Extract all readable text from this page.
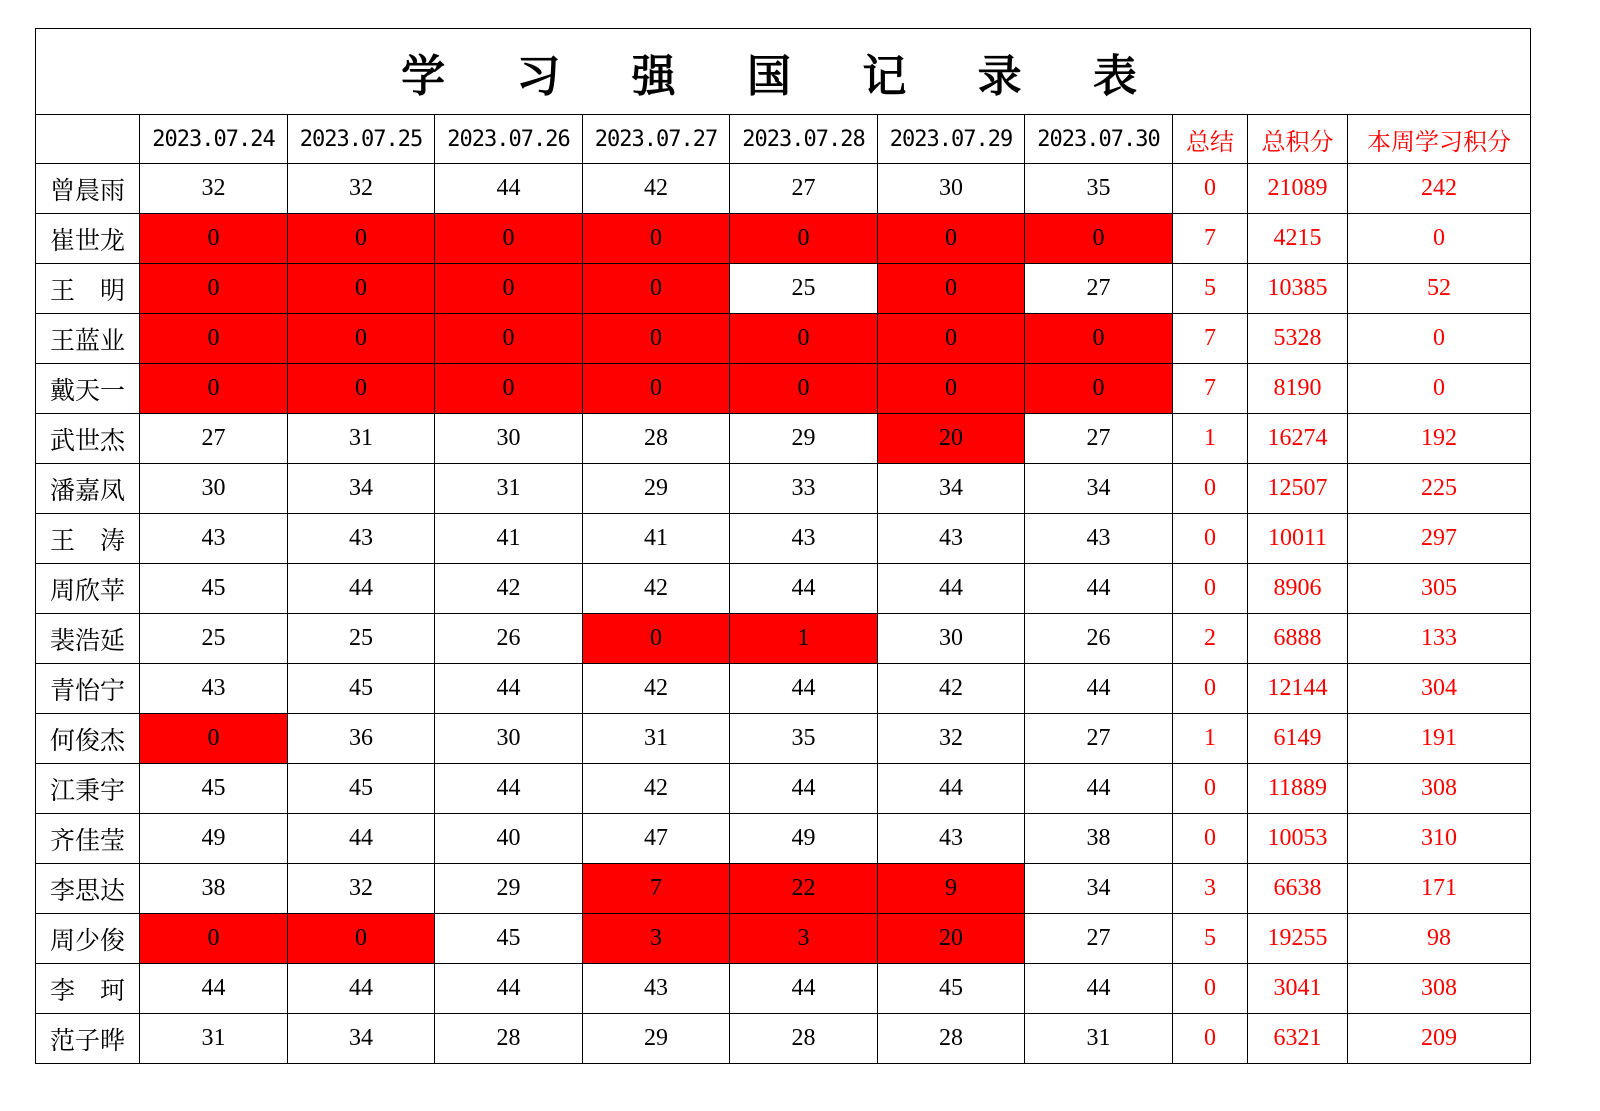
学 习 强 国 记 录 表										
	2023.07.24	2023.07.25	2023.07.26	2023.07.27	2023.07.28	2023.07.29	2023.07.30	总结	总积分	本周学习积分
曾晨雨	32	32	44	42	27	30	35	0	21089	242
崔世龙	0	0	0	0	0	0	0	7	4215	0
王　明	0	0	0	0	25	0	27	5	10385	52
王蓝业	0	0	0	0	0	0	0	7	5328	0
戴天一	0	0	0	0	0	0	0	7	8190	0
武世杰	27	31	30	28	29	20	27	1	16274	192
潘嘉凤	30	34	31	29	33	34	34	0	12507	225
王　涛	43	43	41	41	43	43	43	0	10011	297
周欣苹	45	44	42	42	44	44	44	0	8906	305
裴浩延	25	25	26	0	1	30	26	2	6888	133
青怡宁	43	45	44	42	44	42	44	0	12144	304
何俊杰	0	36	30	31	35	32	27	1	6149	191
江秉宇	45	45	44	42	44	44	44	0	11889	308
齐佳莹	49	44	40	47	49	43	38	0	10053	310
李思达	38	32	29	7	22	9	34	3	6638	171
周少俊	0	0	45	3	3	20	27	5	19255	98
李　珂	44	44	44	43	44	45	44	0	3041	308
范子晔	31	34	28	29	28	28	31	0	6321	209
